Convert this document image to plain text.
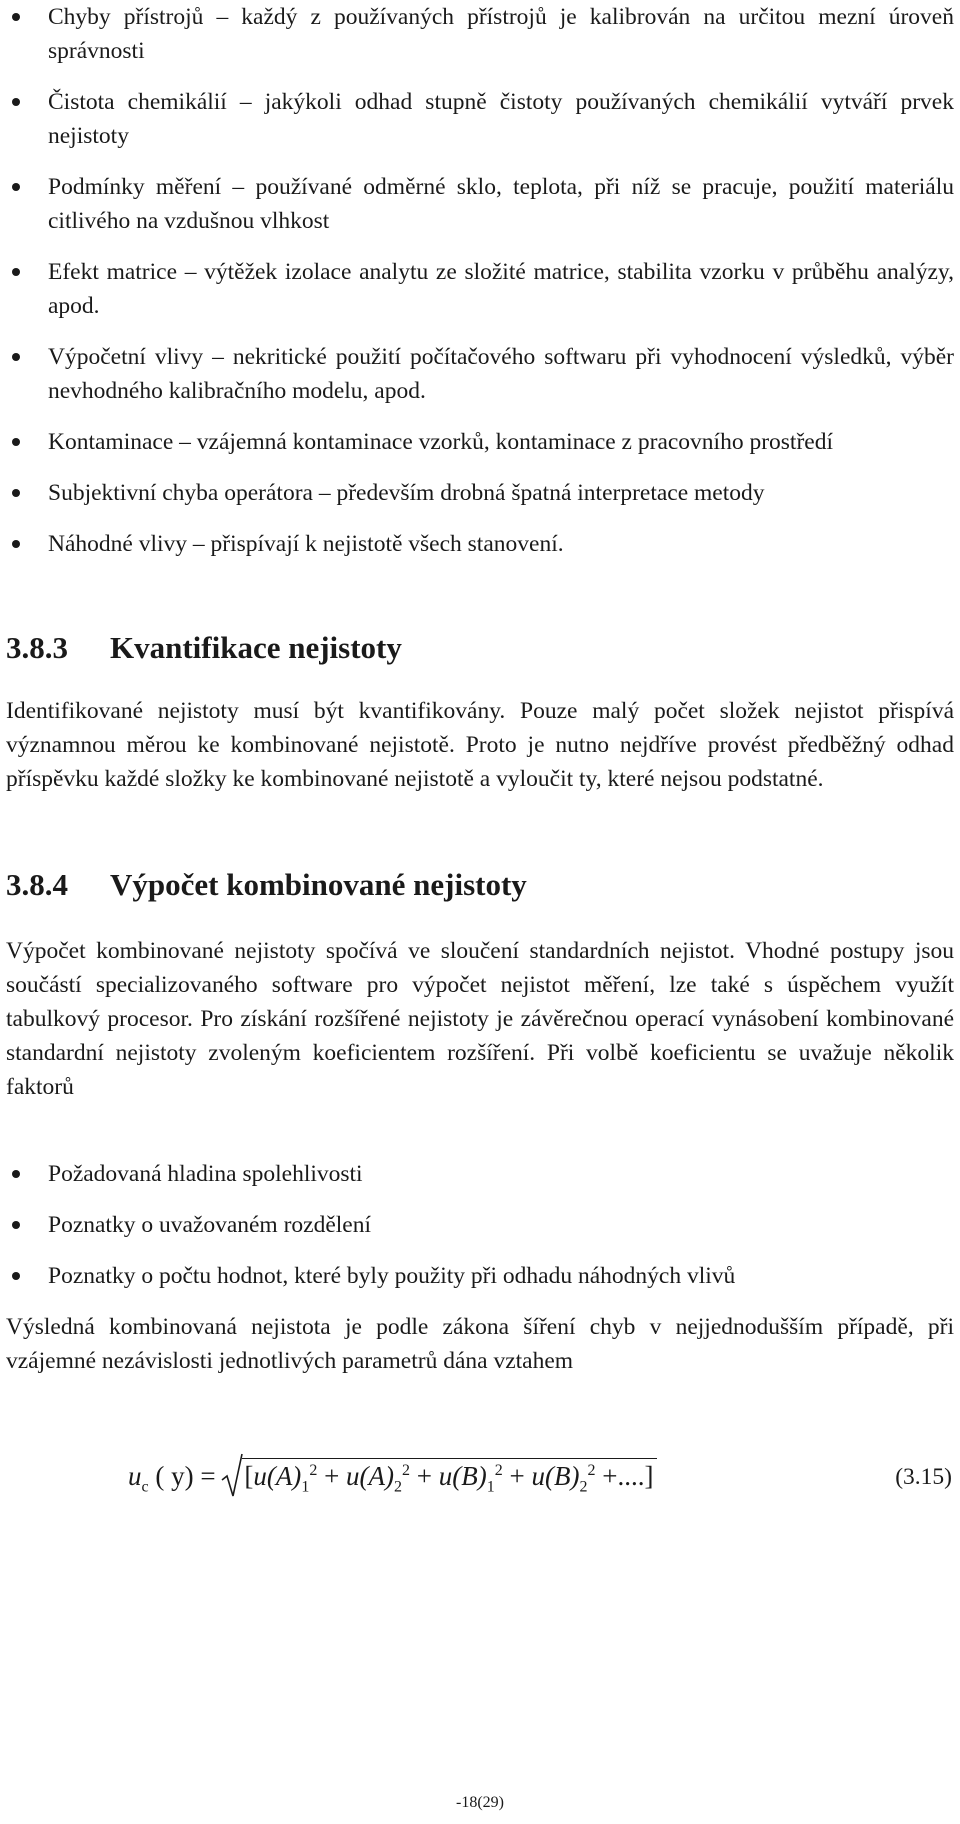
Chyby přístrojů – každý z používaných přístrojů je kalibrován na určitou mezní úroveň správnosti
Čistota chemikálií – jakýkoli odhad stupně čistoty používaných chemikálií vytváří prvek nejistoty
Podmínky měření – používané odměrné sklo, teplota, při níž se pracuje, použití materiálu citlivého na vzdušnou vlhkost
Efekt matrice – výtěžek izolace analytu ze složité matrice, stabilita vzorku v průběhu analýzy, apod.
Výpočetní vlivy – nekritické použití počítačového softwaru při vyhodnocení výsledků, výběr nevhodného kalibračního modelu, apod.
Kontaminace – vzájemná kontaminace vzorků, kontaminace z pracovního prostředí
Subjektivní chyba operátora – především drobná špatná interpretace metody
Náhodné vlivy – přispívají k nejistotě všech stanovení.
3.8.3 Kvantifikace nejistoty

Identifikované nejistoty musí být kvantifikovány. Pouze malý počet složek nejistot přispívá významnou měrou ke kombinované nejistotě. Proto je nutno nejdříve provést předběžný odhad příspěvku každé složky ke kombinované nejistotě a vyloučit ty, které nejsou podstatné.

3.8.4 Výpočet kombinované nejistoty

Výpočet kombinované nejistoty spočívá ve sloučení standardních nejistot. Vhodné postupy jsou součástí specializovaného software pro výpočet nejistot měření, lze také s úspěchem využít tabulkový procesor. Pro získání rozšířené nejistoty je závěrečnou operací vynásobení kombinované standardní nejistoty zvoleným koeficientem rozšíření. Při volbě koeficientu se uvažuje několik faktorů

Požadovaná hladina spolehlivosti
Poznatky o uvažovaném rozdělení
Poznatky o počtu hodnot, které byly použity při odhadu náhodných vlivů

Výsledná kombinovaná nejistota je podle zákona šíření chyb v nejjednodušším případě, při vzájemné nezávislosti jednotlivých parametrů dána vztahem

$u_c$ ( $y) = [u(A)_1^2 + u(A)_2^2 + u(B)_1^2 + u(B)_2^2$ +....]	(3.15)
-18(29)
